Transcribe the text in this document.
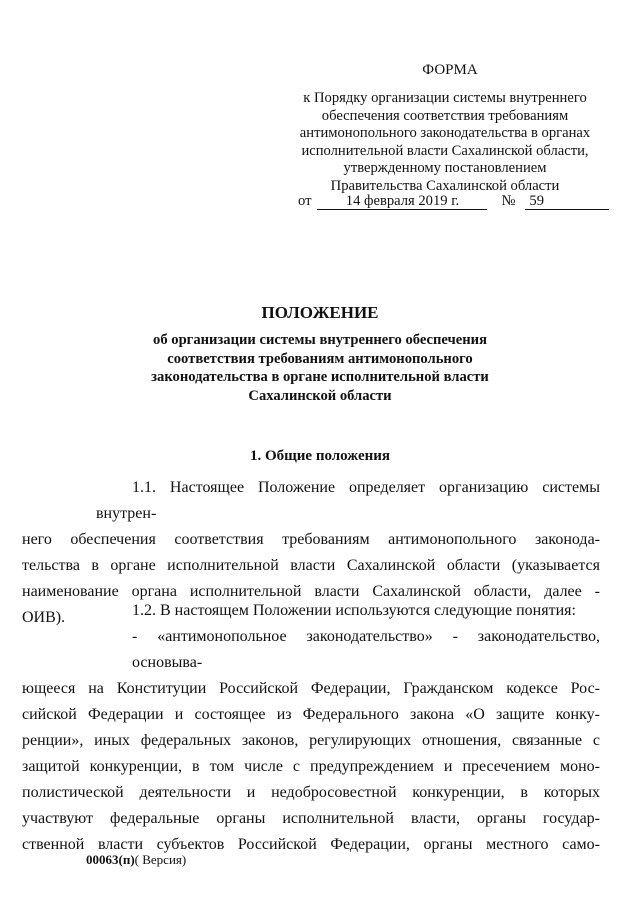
ФОРМА
к Порядку организации системы внутреннего
обеспечения соответствия требованиям
антимонопольного законодательства в органах
исполнительной власти Сахалинской области,
утвержденному постановлением
Правительства Сахалинской области
от	14 февраля 2019 г.	№ 59
ПОЛОЖЕНИЕ
об организации системы внутреннего обеспечения
соответствия требованиям антимонопольного
законодательства в органе исполнительной власти
Сахалинской области
1. Общие положения
1.1. Настоящее Положение определяет организацию системы внутрен-
него обеспечения соответствия требованиям антимонопольного законода-
тельства в органе исполнительной власти Сахалинской области (указывается
наименование органа исполнительной власти Сахалинской области, далее -
ОИВ).	1.2. В настоящем Положении используются следующие понятия:
- «антимонопольное законодательство» - законодательство, основыва-
ющееся на Конституции Российской Федерации, Гражданском кодексе Рос-
сийской Федерации и состоящее из Федерального закона «О защите конку-
ренции», иных федеральных законов, регулирующих отношения, связанные с
защитой конкуренции, в том числе с предупреждением и пресечением моно-
полистической деятельности и недобросовестной конкуренции, в которых
участвуют федеральные органы исполнительной власти, органы государ-
ственной власти субъектов Российской Федерации, органы местного само-
00063(п)( Версия)
